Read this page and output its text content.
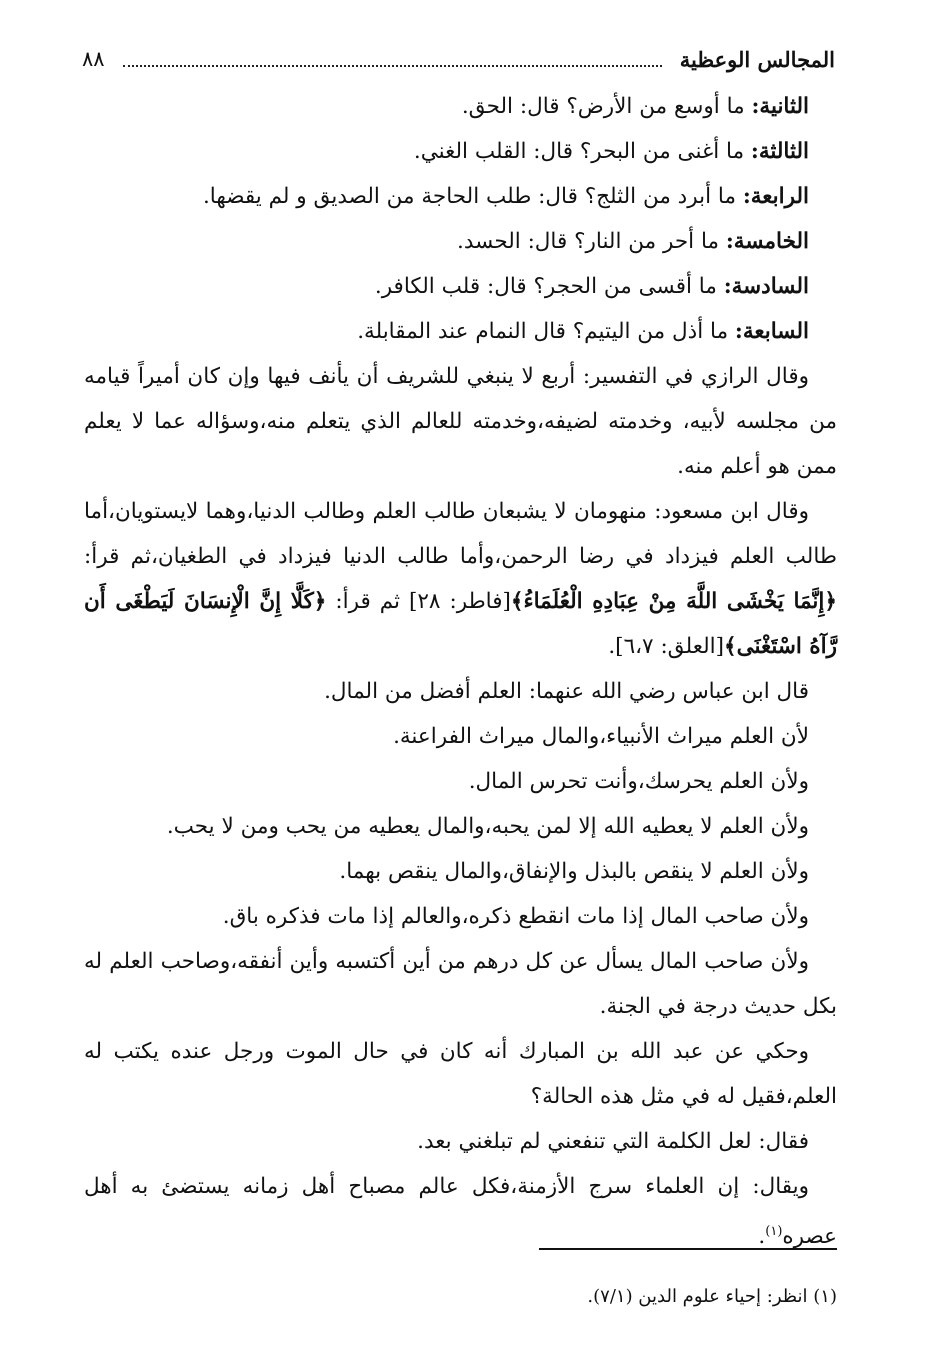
المجالس الوعظية
٨٨

الثانية: ما أوسع من الأرض؟ قال: الحق.

الثالثة: ما أغنى من البحر؟ قال: القلب الغني.

الرابعة: ما أبرد من الثلج؟ قال: طلب الحاجة من الصديق و لم يقضها.

الخامسة: ما أحر من النار؟ قال: الحسد.

السادسة: ما أقسى من الحجر؟ قال: قلب الكافر.

السابعة: ما أذل من اليتيم؟ قال النمام عند المقابلة.

وقال الرازي في التفسير: أربع لا ينبغي للشريف أن يأنف فيها وإن كان أميراً قيامه من مجلسه لأبيه، وخدمته لضيفه،وخدمته للعالم الذي يتعلم منه،وسؤاله عما لا يعلم ممن هو أعلم منه.

وقال ابن مسعود: منهومان لا يشبعان طالب العلم وطالب الدنيا،وهما لايستويان،أما طالب العلم فيزداد في رضا الرحمن،وأما طالب الدنيا فيزداد في الطغيان،ثم قرأ: ﴿إِنَّمَا يَخْشَى اللَّهَ مِنْ عِبَادِهِ الْعُلَمَاءُ﴾[فاطر: ٢٨] ثم قرأ: ﴿كَلَّا إِنَّ الْإِنسَانَ لَيَطْغَى أَن رَّآهُ اسْتَغْنَى﴾[العلق: ٦،٧].

قال ابن عباس رضي الله عنهما: العلم أفضل من المال.

لأن العلم ميراث الأنبياء،والمال ميراث الفراعنة.

ولأن العلم يحرسك،وأنت تحرس المال.

ولأن العلم لا يعطيه الله إلا لمن يحبه،والمال يعطيه من يحب ومن لا يحب.

ولأن العلم لا ينقص بالبذل والإنفاق،والمال ينقص بهما.

ولأن صاحب المال إذا مات انقطع ذكره،والعالم إذا مات فذكره باق.

ولأن صاحب المال يسأل عن كل درهم من أين أكتسبه وأين أنفقه،وصاحب العلم له بكل حديث درجة في الجنة.

وحكي عن عبد الله بن المبارك أنه كان في حال الموت ورجل عنده يكتب له العلم،فقيل له في مثل هذه الحالة؟

فقال: لعل الكلمة التي تنفعني لم تبلغني بعد.

ويقال: إن العلماء سرج الأزمنة،فكل عالم مصباح أهل زمانه يستضئ به أهل عصره$^{(١)}$.

(١) انظر: إحياء علوم الدين (٧/١).
